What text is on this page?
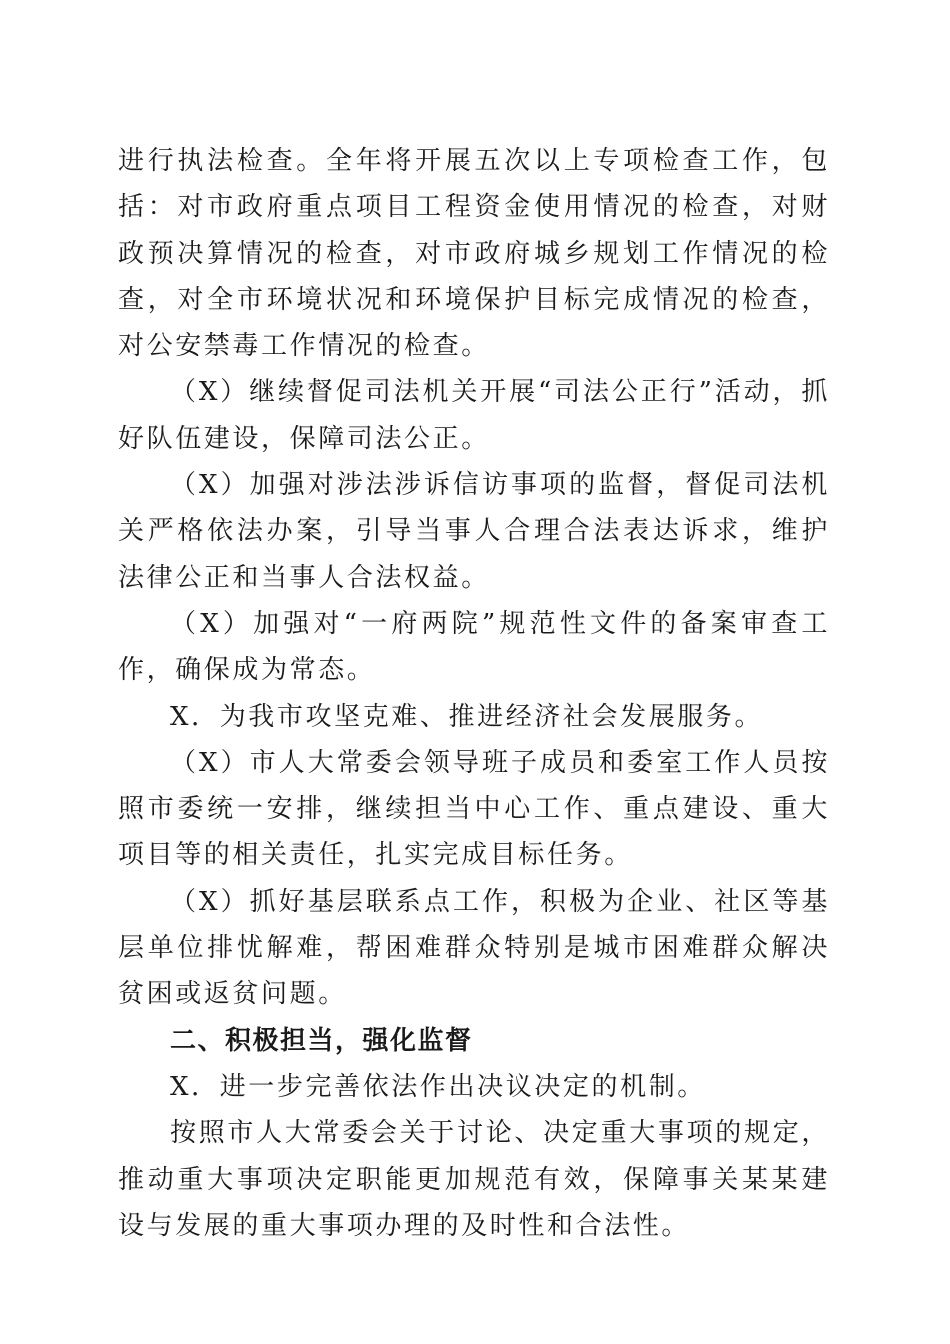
进行执法检查。全年将开展五次以上专项检查工作，包括：对市政府重点项目工程资金使用情况的检查，对财政预决算情况的检查，对市政府城乡规划工作情况的检查，对全市环境状况和环境保护目标完成情况的检查，对公安禁毒工作情况的检查。

（X）继续督促司法机关开展“司法公正行”活动，抓好队伍建设，保障司法公正。

（X）加强对涉法涉诉信访事项的监督，督促司法机关严格依法办案，引导当事人合理合法表达诉求，维护法律公正和当事人合法权益。

（X）加强对“一府两院”规范性文件的备案审查工作，确保成为常态。

X．为我市攻坚克难、推进经济社会发展服务。

（X）市人大常委会领导班子成员和委室工作人员按照市委统一安排，继续担当中心工作、重点建设、重大项目等的相关责任，扎实完成目标任务。

（X）抓好基层联系点工作，积极为企业、社区等基层单位排忧解难，帮困难群众特别是城市困难群众解决贫困或返贫问题。

二、积极担当，强化监督

X．进一步完善依法作出决议决定的机制。

按照市人大常委会关于讨论、决定重大事项的规定，推动重大事项决定职能更加规范有效，保障事关某某建设与发展的重大事项办理的及时性和合法性。
